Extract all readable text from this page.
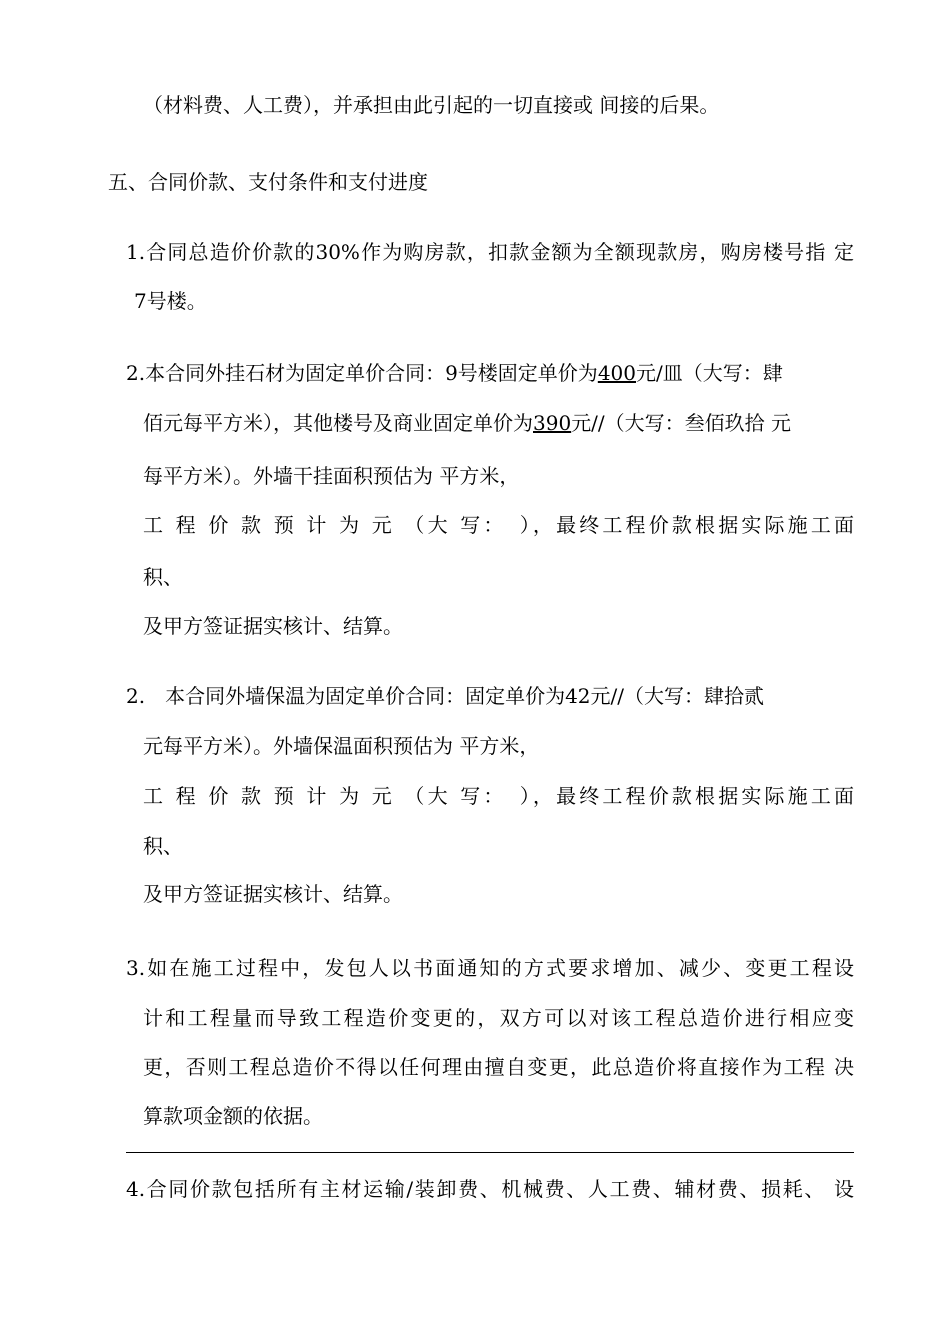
（材料费、人工费），并承担由此引起的一切直接或 间接的后果。

五、合同价款、支付条件和支付进度

1.合同总造价价款的30%作为购房款，扣款金额为全额现款房，购房楼号指 定

7号楼。

2.本合同外挂石材为固定单价合同：9号楼固定单价为400元/皿（大写：肆

佰元每平方米），其他楼号及商业固定单价为390元//（大写：叁佰玖拾 元

每平方米）。外墙干挂面积预估为 平方米，

工 程 价 款 预 计 为 元 （大 写：　），最终工程价款根据实际施工面

积、

及甲方签证据实核计、结算。

2.　本合同外墙保温为固定单价合同：固定单价为42元//（大写：肆拾贰

元每平方米）。外墙保温面积预估为 平方米，

工 程 价 款 预 计 为 元 （大 写：　），最终工程价款根据实际施工面

积、

及甲方签证据实核计、结算。

3.如在施工过程中，发包人以书面通知的方式要求增加、减少、变更工程设

计和工程量而导致工程造价变更的，双方可以对该工程总造价进行相应变

更，否则工程总造价不得以任何理由擅自变更，此总造价将直接作为工程 决

算款项金额的依据。

4.合同价款包括所有主材运输/装卸费、机械费、人工费、辅材费、损耗、 设
